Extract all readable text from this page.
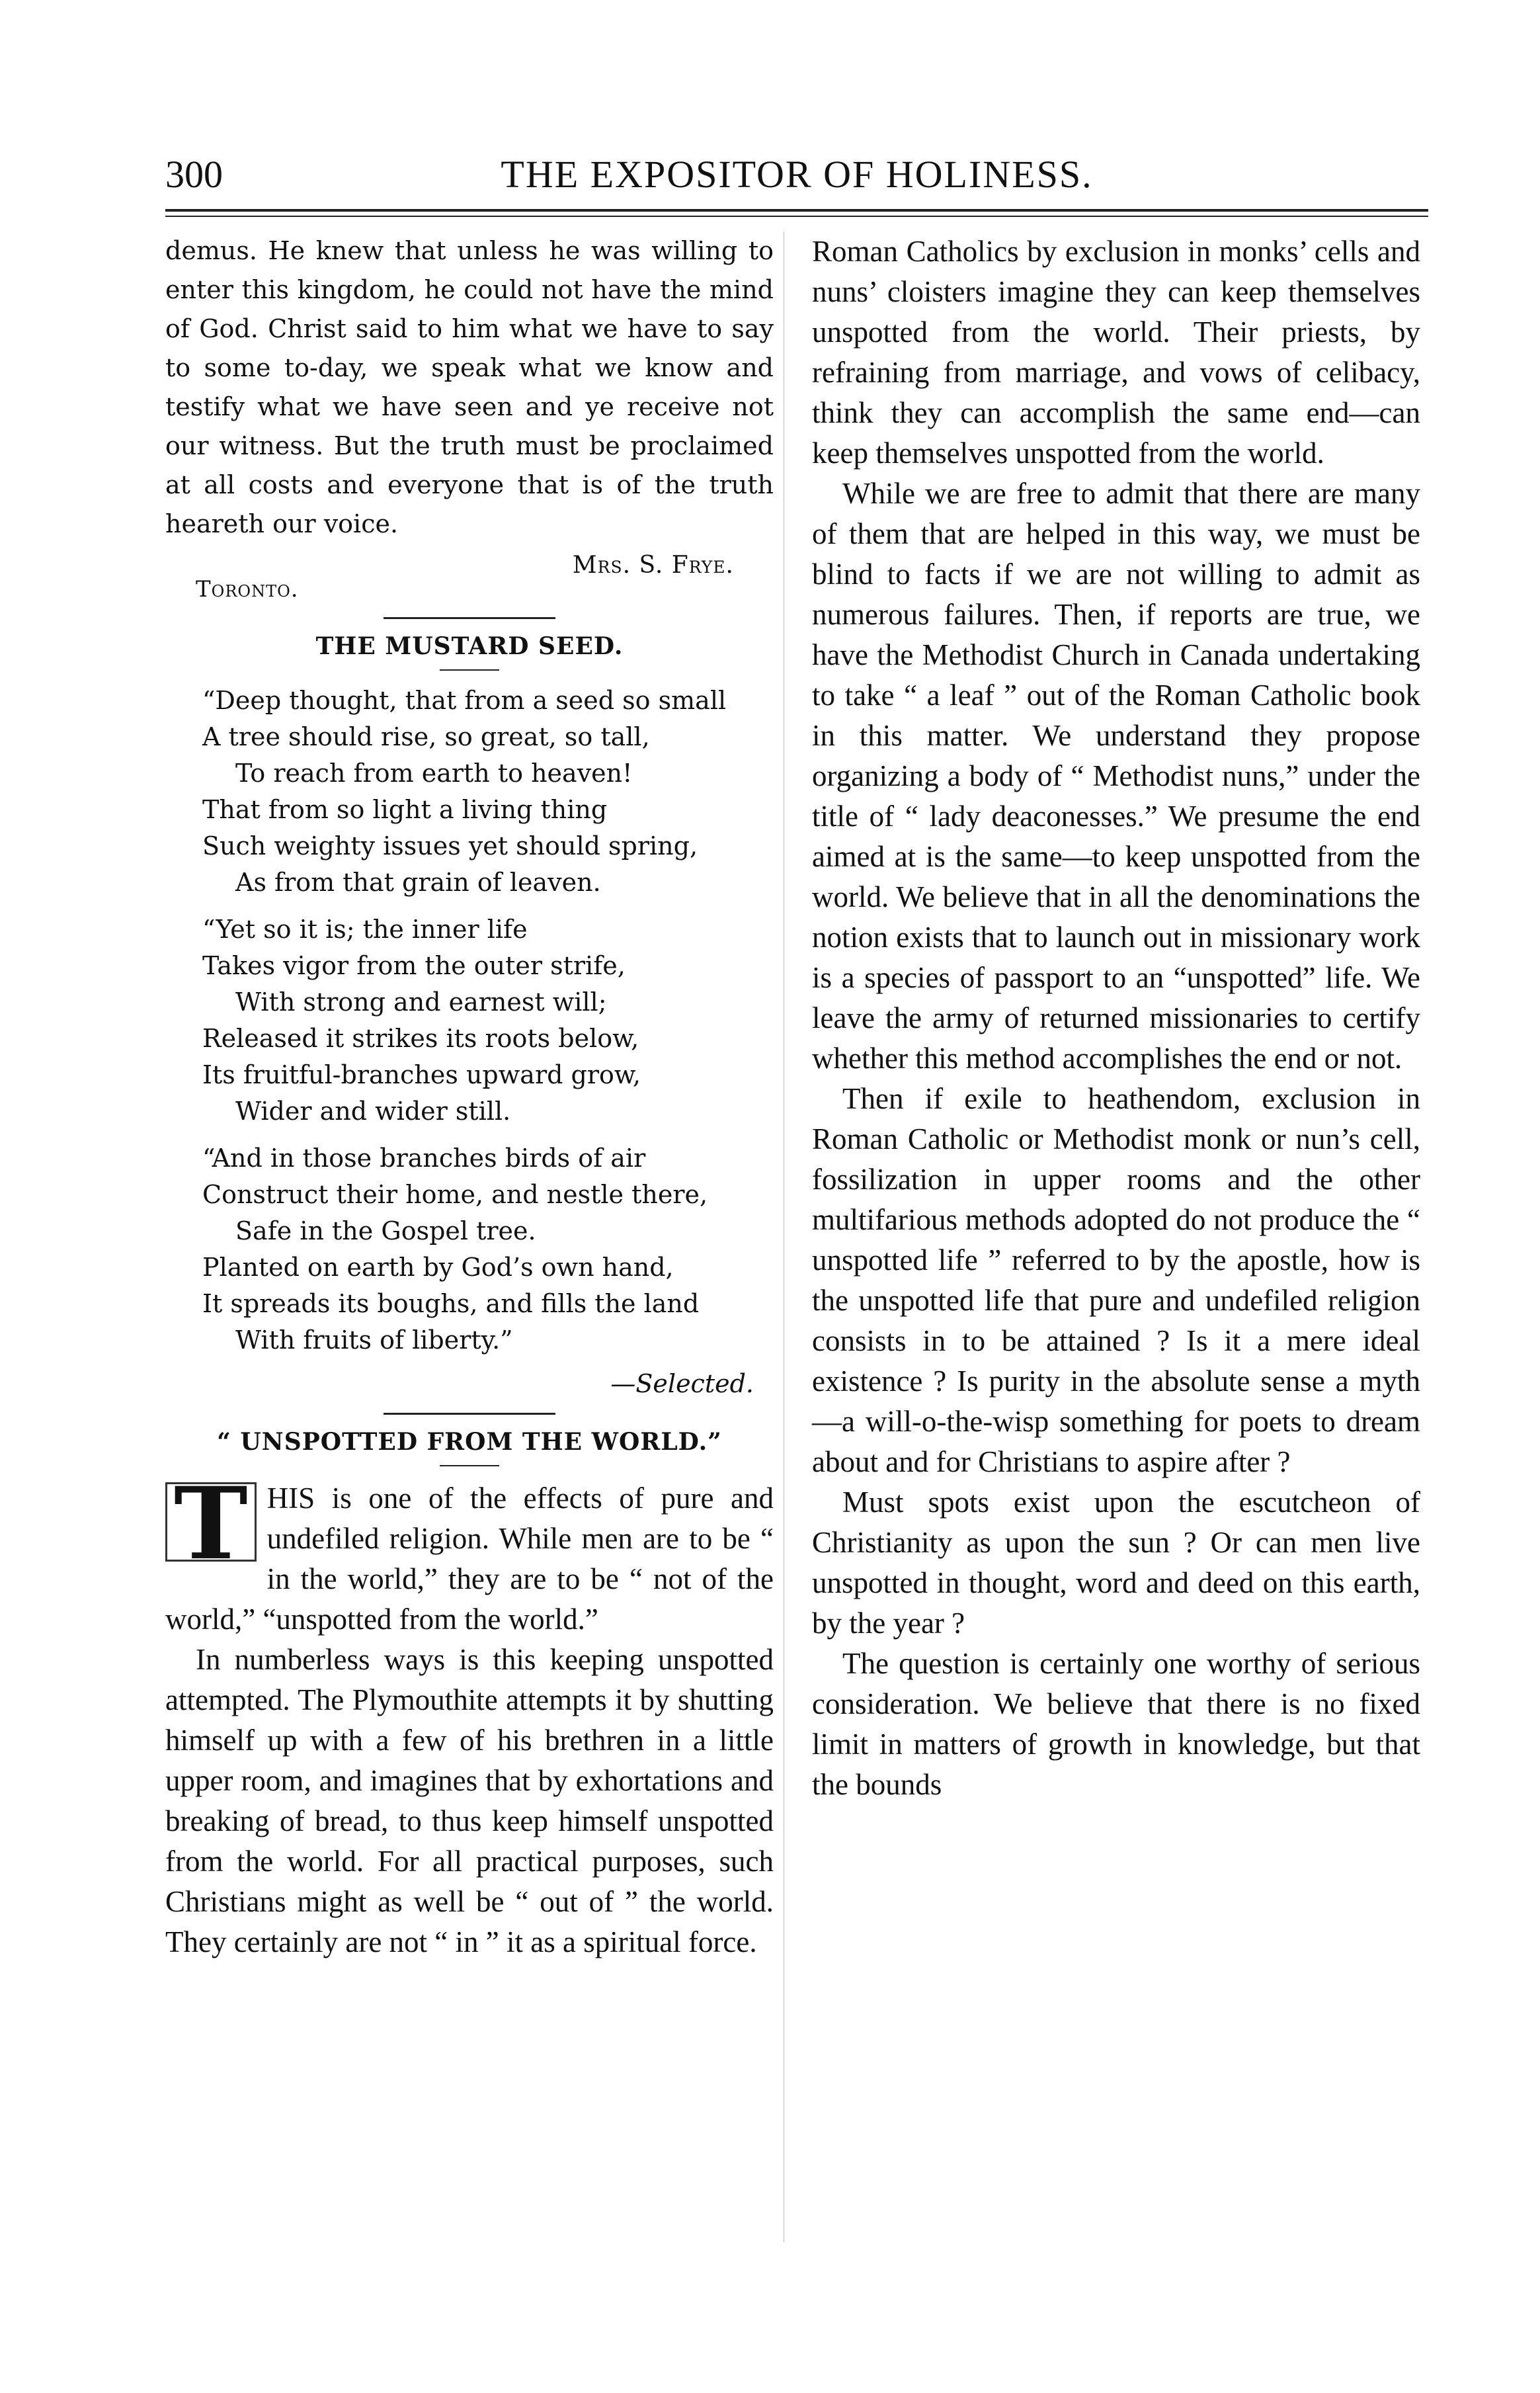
300	THE EXPOSITOR OF HOLINESS.

demus. He knew that unless he was willing to enter this kingdom, he could not have the mind of God. Christ said to him what we have to say to some to-day, we speak what we know and testify what we have seen and ye receive not our witness. But the truth must be proclaimed at all costs and everyone that is of the truth heareth our voice.

Mrs. S. Frye.
Toronto.
THE MUSTARD SEED.
“Deep thought, that from a seed so small
A tree should rise, so great, so tall,
To reach from earth to heaven!
That from so light a living thing
Such weighty issues yet should spring,
As from that grain of leaven.
“Yet so it is; the inner life
Takes vigor from the outer strife,
With strong and earnest will;
Released it strikes its roots below,
Its fruitful-branches upward grow,
Wider and wider still.
“And in those branches birds of air
Construct their home, and nestle there,
Safe in the Gospel tree.
Planted on earth by God’s own hand,
It spreads its boughs, and fills the land
With fruits of liberty.”
—Selected.
“ UNSPOTTED FROM THE WORLD.”
T HIS is one of the effects of pure and undefiled religion. While men are to be “ in the world,” they are to be “ not of the world,” “unspotted from the world.”

In numberless ways is this keeping unspotted attempted. The Plymouthite attempts it by shutting himself up with a few of his brethren in a little upper room, and imagines that by exhortations and breaking of bread, to thus keep himself unspotted from the world. For all practical purposes, such Christians might as well be “ out of ” the world. They certainly are not “ in ” it as a spiritual force.

Roman Catholics by exclusion in monks’ cells and nuns’ cloisters imagine they can keep themselves unspotted from the world. Their priests, by refraining from marriage, and vows of celibacy, think they can accomplish the same end—can keep themselves unspotted from the world.

While we are free to admit that there are many of them that are helped in this way, we must be blind to facts if we are not willing to admit as numerous failures. Then, if reports are true, we have the Methodist Church in Canada undertaking to take “ a leaf ” out of the Roman Catholic book in this matter. We understand they propose organizing a body of “ Methodist nuns,” under the title of “ lady deaconesses.” We presume the end aimed at is the same—to keep unspotted from the world. We believe that in all the denominations the notion exists that to launch out in missionary work is a species of passport to an “unspotted” life. We leave the army of returned missionaries to certify whether this method accomplishes the end or not.

Then if exile to heathendom, exclusion in Roman Catholic or Methodist monk or nun’s cell, fossilization in upper rooms and the other multifarious methods adopted do not produce the “ unspotted life ” referred to by the apostle, how is the unspotted life that pure and undefiled religion consists in to be attained ? Is it a mere ideal existence ? Is purity in the absolute sense a myth—a will-o-the-wisp something for poets to dream about and for Christians to aspire after ?

Must spots exist upon the escutcheon of Christianity as upon the sun ? Or can men live unspotted in thought, word and deed on this earth, by the year ?

The question is certainly one worthy of serious consideration. We believe that there is no fixed limit in matters of growth in knowledge, but that the bounds
